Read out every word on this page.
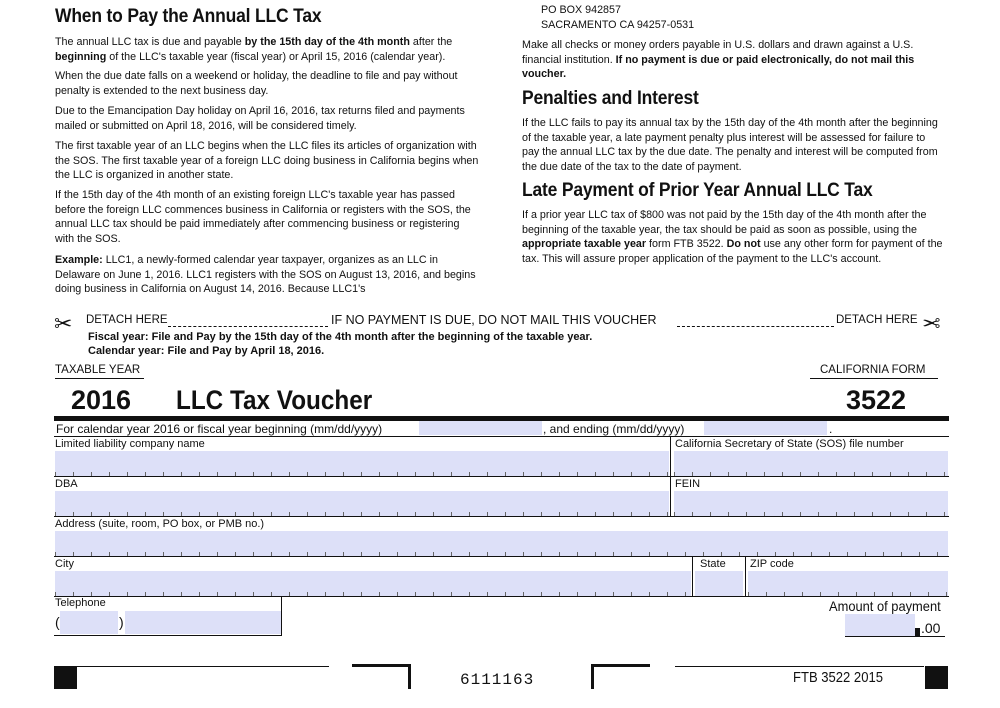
When to Pay the Annual LLC Tax
The annual LLC tax is due and payable by the 15th day of the 4th month after the beginning of the LLC's taxable year (fiscal year) or April 15, 2016 (calendar year).
When the due date falls on a weekend or holiday, the deadline to file and pay without penalty is extended to the next business day.
Due to the Emancipation Day holiday on April 16, 2016, tax returns filed and payments mailed or submitted on April 18, 2016, will be considered timely.
The first taxable year of an LLC begins when the LLC files its articles of organization with the SOS. The first taxable year of a foreign LLC doing business in California begins when the LLC is organized in another state.
If the 15th day of the 4th month of an existing foreign LLC's taxable year has passed before the foreign LLC commences business in California or registers with the SOS, the annual LLC tax should be paid immediately after commencing business or registering with the SOS.
Example: LLC1, a newly-formed calendar year taxpayer, organizes as an LLC in Delaware on June 1, 2016. LLC1 registers with the SOS on August 13, 2016, and begins doing business in California on August 14, 2016. Because LLC1's
PO BOX 942857
SACRAMENTO CA 94257-0531
Make all checks or money orders payable in U.S. dollars and drawn against a U.S. financial institution. If no payment is due or paid electronically, do not mail this voucher.
Penalties and Interest
If the LLC fails to pay its annual tax by the 15th day of the 4th month after the beginning of the taxable year, a late payment penalty plus interest will be assessed for failure to pay the annual LLC tax by the due date. The penalty and interest will be computed from the due date of the tax to the date of payment.
Late Payment of Prior Year Annual LLC Tax
If a prior year LLC tax of $800 was not paid by the 15th day of the 4th month after the beginning of the taxable year, the tax should be paid as soon as possible, using the appropriate taxable year form FTB 3522. Do not use any other form for payment of the tax. This will assure proper application of the payment to the LLC's account.
✂ DETACH HERE	IF NO PAYMENT IS DUE, DO NOT MAIL THIS VOUCHER	DETACH HERE ✂
Fiscal year: File and Pay by the 15th day of the 4th month after the beginning of the taxable year.
Calendar year: File and Pay by April 18, 2016.
TAXABLE YEAR	CALIFORNIA FORM
2016 LLC Tax Voucher	3522
For calendar year 2016 or fiscal year beginning (mm/dd/yyyy)	, and ending (mm/dd/yyyy)	.
Limited liability company name	California Secretary of State (SOS) file number
DBA	FEIN
Address (suite, room, PO box, or PMB no.)
City	State ZIP code
Telephone
(	)
Amount of payment
.00
6111163	FTB 3522 2015
